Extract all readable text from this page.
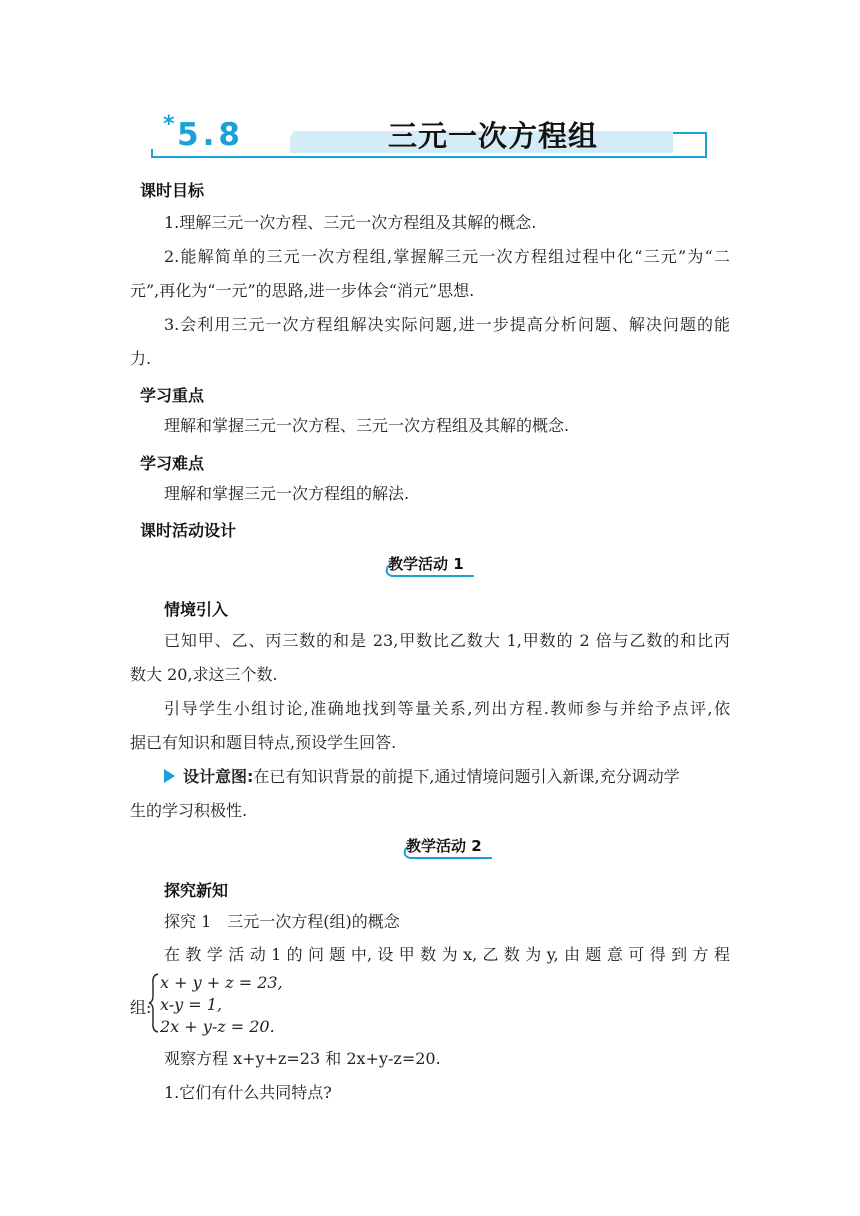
* 5.8	三元一次方程组
课时目标
1.理解三元一次方程、三元一次方程组及其解的概念.
2.能解简单的三元一次方程组,掌握解三元一次方程组过程中化“三元”为“二
元”,再化为“一元”的思路,进一步体会“消元”思想.
3.会利用三元一次方程组解决实际问题,进一步提高分析问题、解决问题的能
力.
学习重点
理解和掌握三元一次方程、三元一次方程组及其解的概念.
学习难点
理解和掌握三元一次方程组的解法.
课时活动设计
教学活动 1
情境引入
已知甲、乙、丙三数的和是 23,甲数比乙数大 1,甲数的 2 倍与乙数的和比丙
数大 20,求这三个数.
引导学生小组讨论,准确地找到等量关系,列出方程.教师参与并给予点评,依
据已有知识和题目特点,预设学生回答.
设计意图:在已有知识背景的前提下,通过情境问题引入新课,充分调动学
生的学习积极性.
教学活动 2
探究新知
探究 1　三元一次方程(组)的概念
在 教 学 活 动 1 的 问 题 中, 设 甲 数 为 x, 乙 数 为 y, 由 题 意 可 得 到 方 程
组:
x + y + z = 23,
x-y = 1,
2x + y-z = 20.
观察方程 x+y+z=23 和 2x+y-z=20.
1.它们有什么共同特点?
